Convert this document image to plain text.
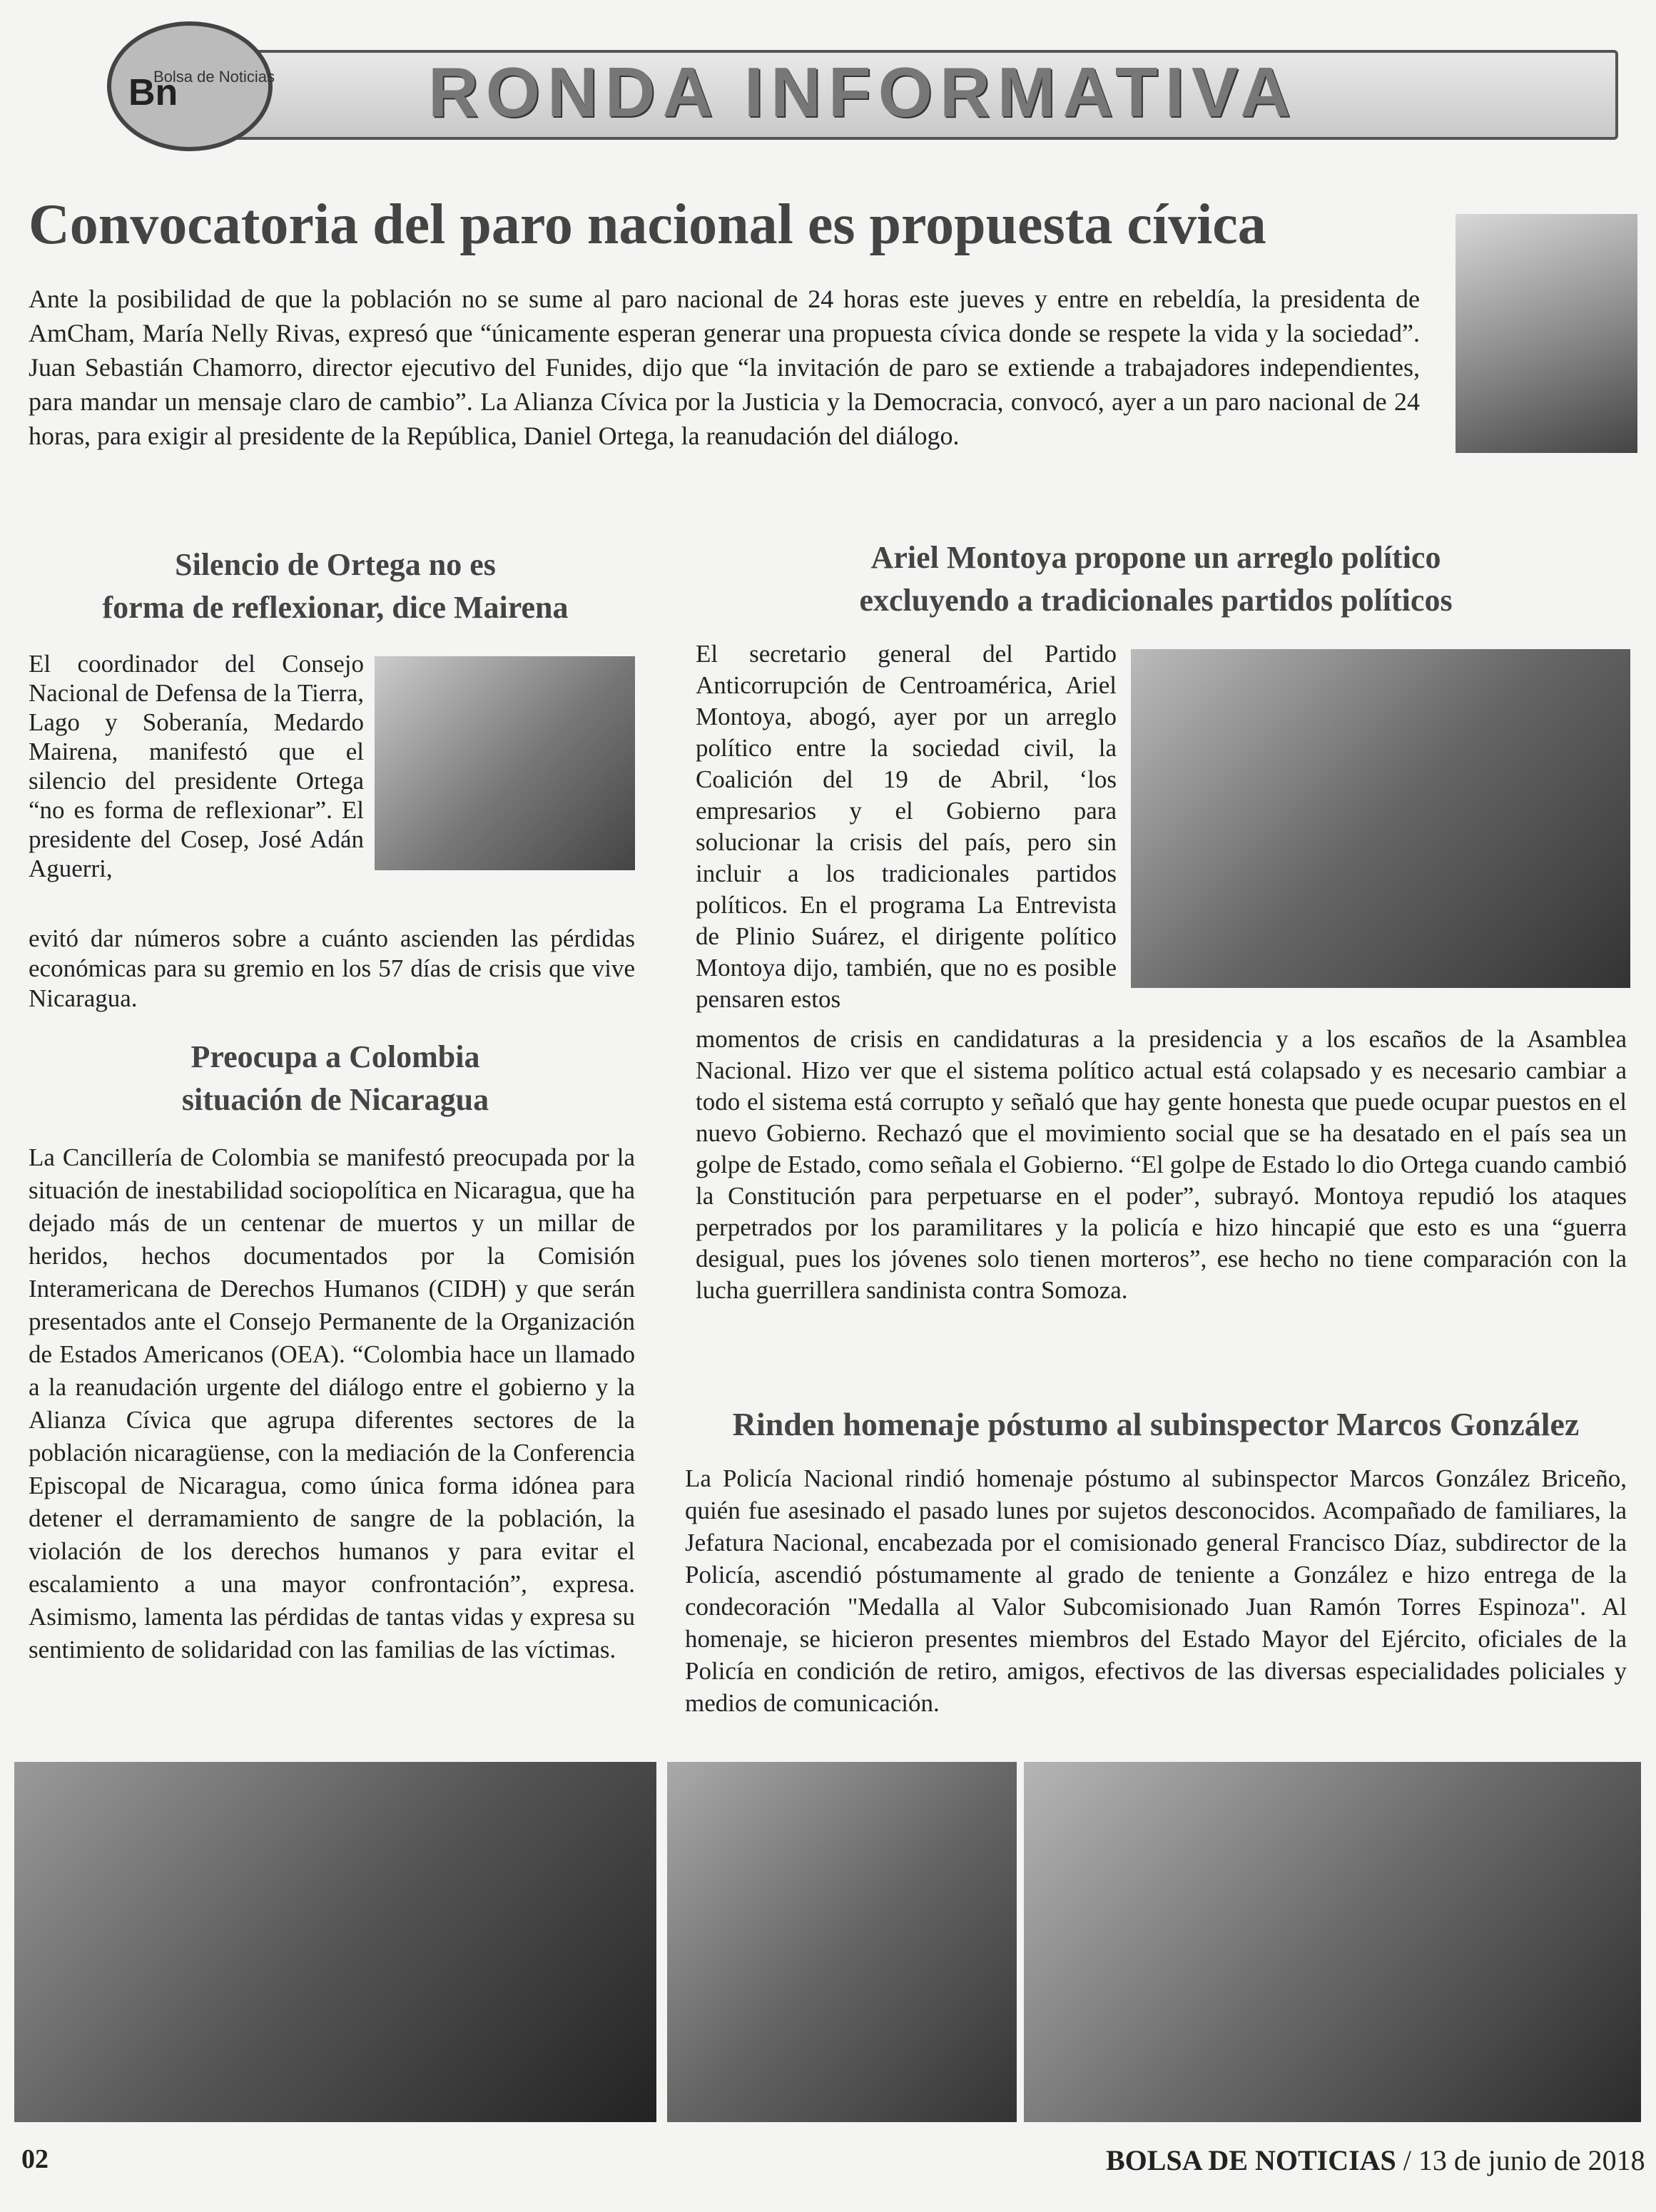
Bn
Bolsa de Noticias RONDA INFORMATIVA
Convocatoria del paro nacional es propuesta cívica

Ante la posibilidad de que la población no se sume al paro nacional de 24 horas este jueves y entre en rebeldía, la presidenta de AmCham, María Nelly Rivas, expresó que “únicamente esperan generar una propuesta cívica donde se respete la vida y la sociedad”. Juan Sebastián Chamorro, director ejecutivo del Funides, dijo que “la invitación de paro se extiende a trabajadores independientes, para mandar un mensaje claro de cambio”. La Alianza Cívica por la Justicia y la Democracia, convocó, ayer a un paro nacional de 24 horas, para exigir al presidente de la República, Daniel Ortega, la reanudación del diálogo.

Silencio de Ortega no es
forma de reflexionar, dice Mairena

El coordinador del Consejo Nacional de Defensa de la Tierra, Lago y Soberanía, Medardo Mairena, manifestó que el silencio del presidente Ortega “no es forma de reflexionar”. El presidente del Cosep, José Adán Aguerri,

evitó dar números sobre a cuánto ascienden las pérdidas económicas para su gremio en los 57 días de crisis que vive Nicaragua.

Preocupa a Colombia
situación de Nicaragua

La Cancillería de Colombia se manifestó preocupada por la situación de inestabilidad sociopolítica en Nicaragua, que ha dejado más de un centenar de muertos y un millar de heridos, hechos documentados por la Comisión Interamericana de Derechos Humanos (CIDH) y que serán presentados ante el Consejo Permanente de la Organización de Estados Americanos (OEA). “Colombia hace un llamado a la reanudación urgente del diálogo entre el gobierno y la Alianza Cívica que agrupa diferentes sectores de la población nicaragüense, con la mediación de la Conferencia Episcopal de Nicaragua, como única forma idónea para detener el derramamiento de sangre de la población, la violación de los derechos humanos y para evitar el escalamiento a una mayor confrontación”, expresa. Asimismo, lamenta las pérdidas de tantas vidas y expresa su sentimiento de solidaridad con las familias de las víctimas.

Ariel Montoya propone un arreglo político
excluyendo a tradicionales partidos políticos

El secretario general del Partido Anticorrupción de Centroamérica, Ariel Montoya, abogó, ayer por un arreglo político entre la sociedad civil, la Coalición del 19 de Abril, ‘los empresarios y el Gobierno para solucionar la crisis del país, pero sin incluir a los tradicionales partidos políticos. En el programa La Entrevista de Plinio Suárez, el dirigente político Montoya dijo, también, que no es posible pensaren estos

momentos de crisis en candidaturas a la presidencia y a los escaños de la Asamblea Nacional. Hizo ver que el sistema político actual está colapsado y es necesario cambiar a todo el sistema está corrupto y señaló que hay gente honesta que puede ocupar puestos en el nuevo Gobierno. Rechazó que el movimiento social que se ha desatado en el país sea un golpe de Estado, como señala el Gobierno. “El golpe de Estado lo dio Ortega cuando cambió la Constitución para perpetuarse en el poder”, subrayó. Montoya repudió los ataques perpetrados por los paramilitares y la policía e hizo hincapié que esto es una “guerra desigual, pues los jóvenes solo tienen morteros”, ese hecho no tiene comparación con la lucha guerrillera sandinista contra Somoza.

Rinden homenaje póstumo al subinspector Marcos González

La Policía Nacional rindió homenaje póstumo al subinspector Marcos González Briceño, quién fue asesinado el pasado lunes por sujetos desconocidos. Acompañado de familiares, la Jefatura Nacional, encabezada por el comisionado general Francisco Díaz, subdirector de la Policía, ascendió póstumamente al grado de teniente a González e hizo entrega de la condecoración "Medalla al Valor Subcomisionado Juan Ramón Torres Espinoza". Al homenaje, se hicieron presentes miembros del Estado Mayor del Ejército, oficiales de la Policía en condición de retiro, amigos, efectivos de las diversas especialidades policiales y medios de comunicación.

02	BOLSA DE NOTICIAS / 13 de junio de 2018
